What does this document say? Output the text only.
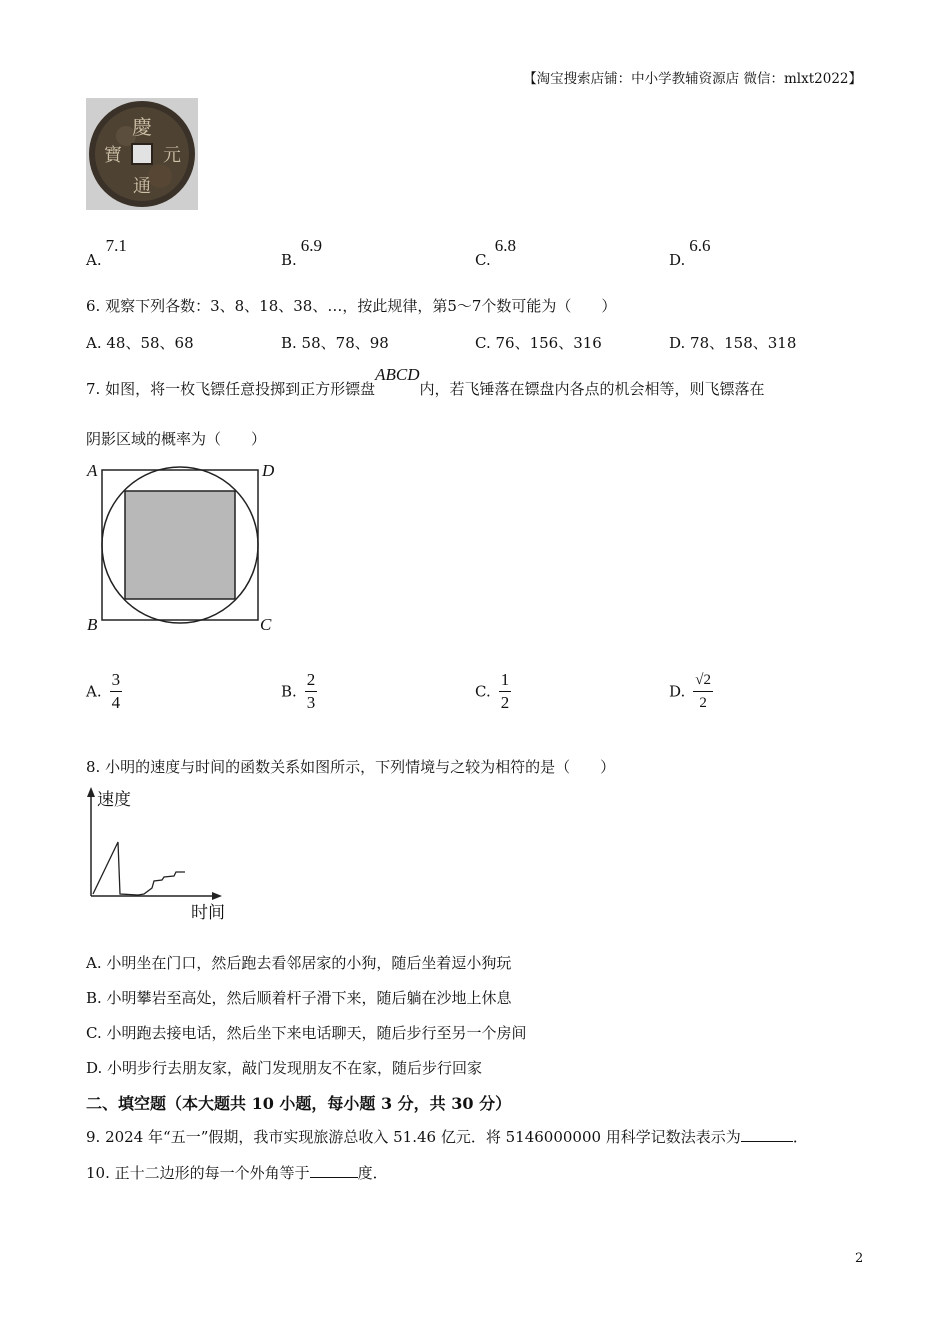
【淘宝搜索店铺：中小学教辅资源店 微信：mlxt2022】
慶
元
通
寶
A.7.1
B.6.9
C.6.8
D.6.6
6. 观察下列各数：3、8、18、38、…，按此规律，第5～7个数可能为（　　）
A. 48、58、68	B. 58、78、98	C. 76、156、316	D. 78、158、318
7. 如图，将一枚飞镖任意投掷到正方形镖盘ABCD内，若飞锤落在镖盘内各点的机会相等，则飞镖落在
阴影区域的概率为（　　）
A	D
B	C
A. $\frac{3}{4}$	B. $\frac{2}{3}$	C. $\frac{1}{2}$	D. $\frac{√2}{2}$
8. 小明的速度与时间的函数关系如图所示，下列情境与之较为相符的是（　　）
速度
时间
A. 小明坐在门口，然后跑去看邻居家的小狗，随后坐着逗小狗玩
B. 小明攀岩至高处，然后顺着杆子滑下来，随后躺在沙地上休息
C. 小明跑去接电话，然后坐下来电话聊天，随后步行至另一个房间
D. 小明步行去朋友家，敲门发现朋友不在家，随后步行回家
二、填空题（本大题共 10 小题，每小题 3 分，共 30 分）
9. 2024 年“五一”假期，我市实现旅游总收入 51.46 亿元．将 5146000000 用科学记数法表示为	．
10. 正十二边形的每一个外角等于	度．
2
